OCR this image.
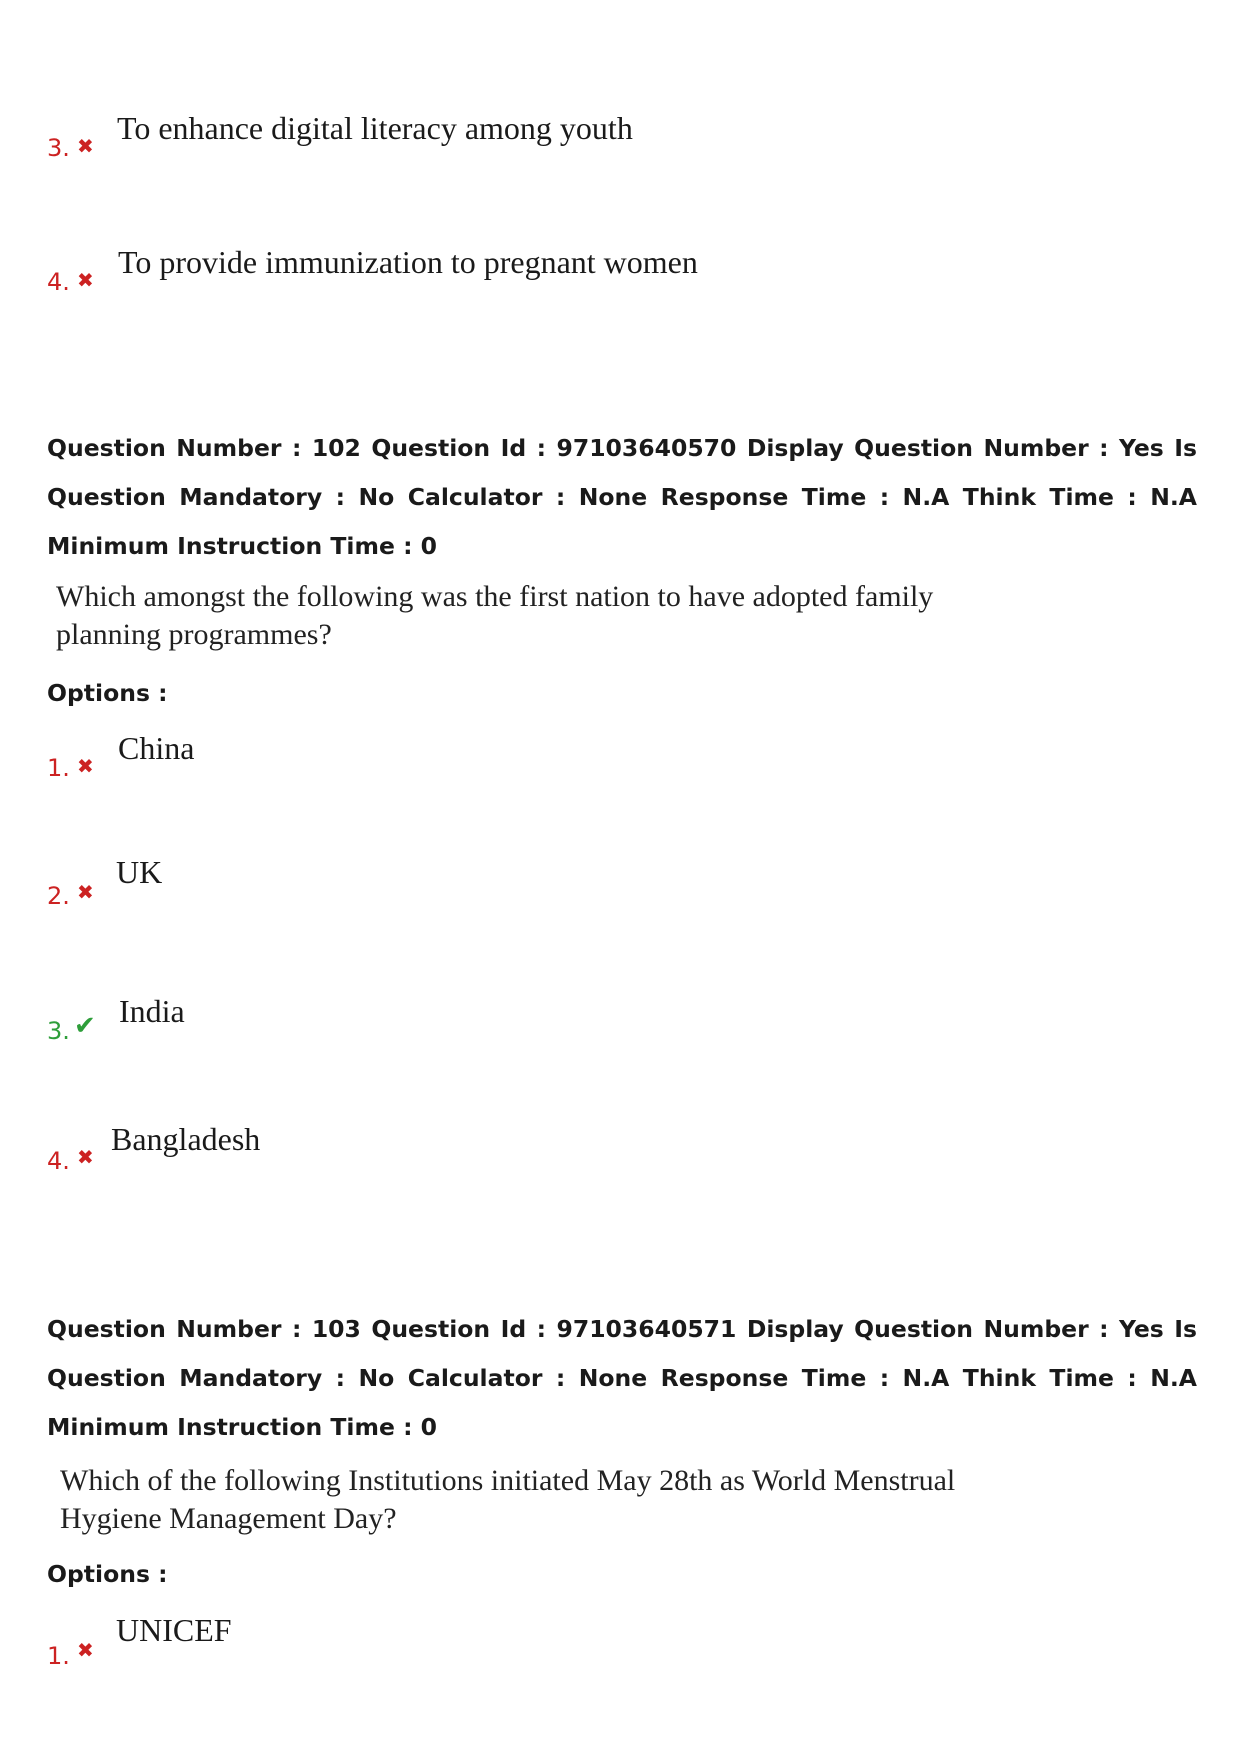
3. ✖ To enhance digital literacy among youth
4. ✖ To provide immunization to pregnant women
Question Number : 102 Question Id : 97103640570 Display Question Number : Yes Is Question Mandatory : No Calculator : None Response Time : N.A Think Time : N.A Minimum Instruction Time : 0
Which amongst the following was the first nation to have adopted family planning programmes?
Options :
1. ✖ China
2. ✖
UK
3. ✔ India
4. ✖ Bangladesh
Question Number : 103 Question Id : 97103640571 Display Question Number : Yes Is Question Mandatory : No Calculator : None Response Time : N.A Think Time : N.A Minimum Instruction Time : 0
Which of the following Institutions initiated May 28th as World Menstrual Hygiene Management Day?
Options :
1. ✖
UNICEF
